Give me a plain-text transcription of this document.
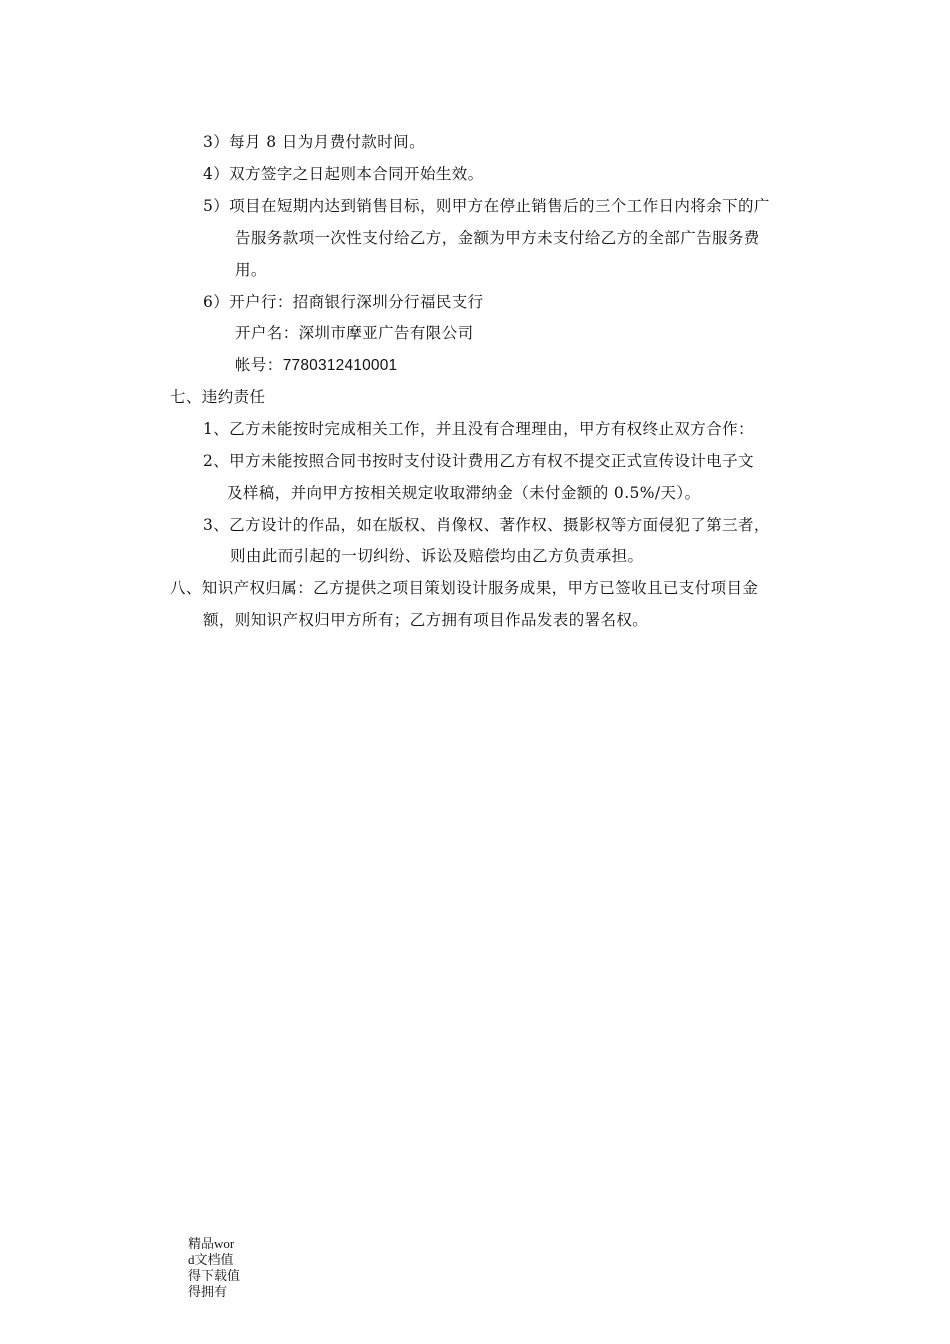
3）每月 8 日为月费付款时间。
4）双方签字之日起则本合同开始生效。
5）项目在短期内达到销售目标，则甲方在停止销售后的三个工作日内将余下的广
告服务款项一次性支付给乙方，金额为甲方未支付给乙方的全部广告服务费
用。
6）开户行：招商银行深圳分行福民支行
开户名：深圳市摩亚广告有限公司
帐号：7780312410001
七、违约责任
1、乙方未能按时完成相关工作，并且没有合理理由，甲方有权终止双方合作：
2、甲方未能按照合同书按时支付设计费用乙方有权不提交正式宣传设计电子文
及样稿，并向甲方按相关规定收取滞纳金（未付金额的 0.5%/天）。
3、乙方设计的作品，如在版权、肖像权、著作权、摄影权等方面侵犯了第三者，
则由此而引起的一切纠纷、诉讼及赔偿均由乙方负责承担。
八、知识产权归属：乙方提供之项目策划设计服务成果，甲方已签收且已支付项目金
额，则知识产权归甲方所有；乙方拥有项目作品发表的署名权。
精品word文档值得下载值得拥有
